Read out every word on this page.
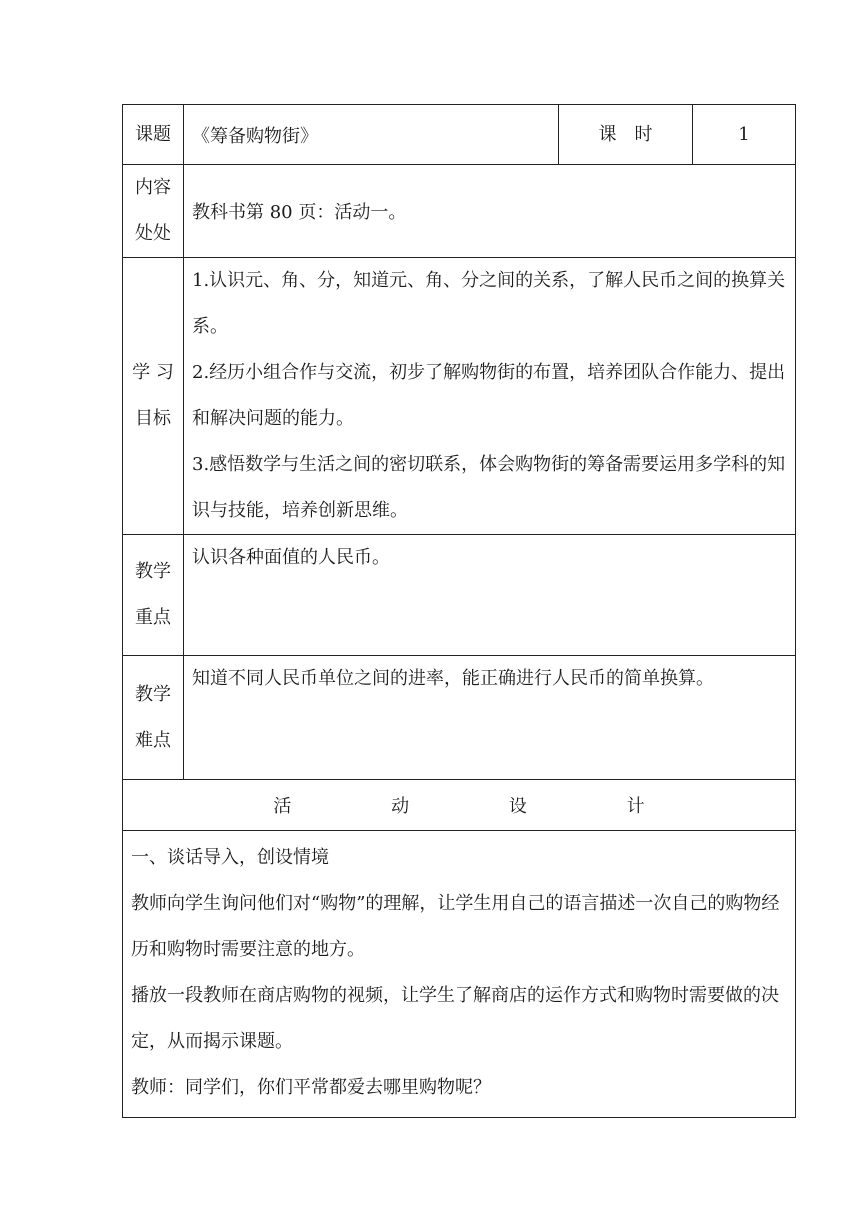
课题	《筹备购物街》	课　时	1

内容
处处	教科书第 80 页：活动一。		

学 习
目标	1.认识元、角、分，知道元、角、分之间的关系，了解人民币之间的换算关系。
2.经历小组合作与交流，初步了解购物街的布置，培养团队合作能力、提出和解决问题的能力。
3.感悟数学与生活之间的密切联系，体会购物街的筹备需要运用多学科的知识与技能，培养创新思维。		

教学
重点	认识各种面值的人民币。		

教学
难点	知道不同人民币单位之间的进率，能正确进行人民币的简单换算。		

活 动 设 计			

一、谈话导入，创设情境
教师向学生询问他们对“购物”的理解，让学生用自己的语言描述一次自己的购物经历和购物时需要注意的地方。
播放一段教师在商店购物的视频，让学生了解商店的运作方式和购物时需要做的决定，从而揭示课题。
教师：同学们，你们平常都爱去哪里购物呢？			
